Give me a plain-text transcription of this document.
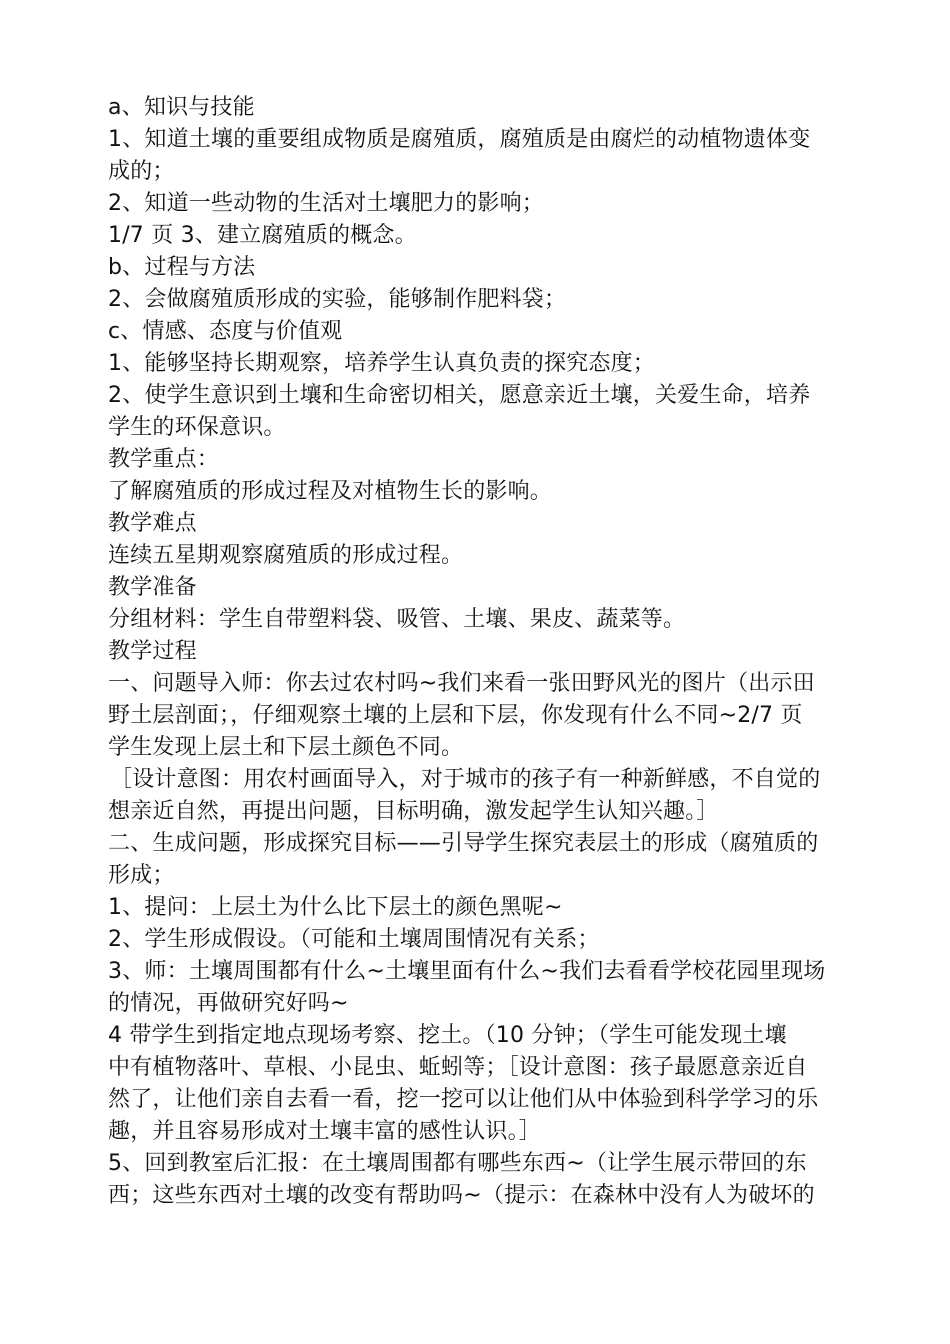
a、知识与技能

1、知道土壤的重要组成物质是腐殖质，腐殖质是由腐烂的动植物遗体变

成的；

2、知道一些动物的生活对土壤肥力的影响；

1/7 页 3、建立腐殖质的概念。

b、过程与方法

2、会做腐殖质形成的实验，能够制作肥料袋；

c、情感、态度与价值观

1、能够坚持长期观察，培养学生认真负责的探究态度；

2、使学生意识到土壤和生命密切相关，愿意亲近土壤，关爱生命，培养

学生的环保意识。

教学重点：

了解腐殖质的形成过程及对植物生长的影响。

教学难点

连续五星期观察腐殖质的形成过程。

教学准备

分组材料：学生自带塑料袋、吸管、土壤、果皮、蔬菜等。

教学过程

一、问题导入师：你去过农村吗~我们来看一张田野风光的图片（出示田

野土层剖面；，仔细观察土壤的上层和下层，你发现有什么不同~2/7 页

学生发现上层土和下层土颜色不同。

［设计意图：用农村画面导入，对于城市的孩子有一种新鲜感，不自觉的

想亲近自然，再提出问题，目标明确，激发起学生认知兴趣。］

二、生成问题，形成探究目标——引导学生探究表层土的形成（腐殖质的

形成；

1、提问：上层土为什么比下层土的颜色黑呢~

2、学生形成假设。（可能和土壤周围情况有关系；

3、师：土壤周围都有什么~土壤里面有什么~我们去看看学校花园里现场

的情况，再做研究好吗~

4 带学生到指定地点现场考察、挖土。（10 分钟；（学生可能发现土壤

中有植物落叶、草根、小昆虫、蚯蚓等；［设计意图：孩子最愿意亲近自

然了，让他们亲自去看一看，挖一挖可以让他们从中体验到科学学习的乐

趣，并且容易形成对土壤丰富的感性认识。］

5、回到教室后汇报：在土壤周围都有哪些东西~（让学生展示带回的东

西；这些东西对土壤的改变有帮助吗~（提示：在森林中没有人为破坏的
